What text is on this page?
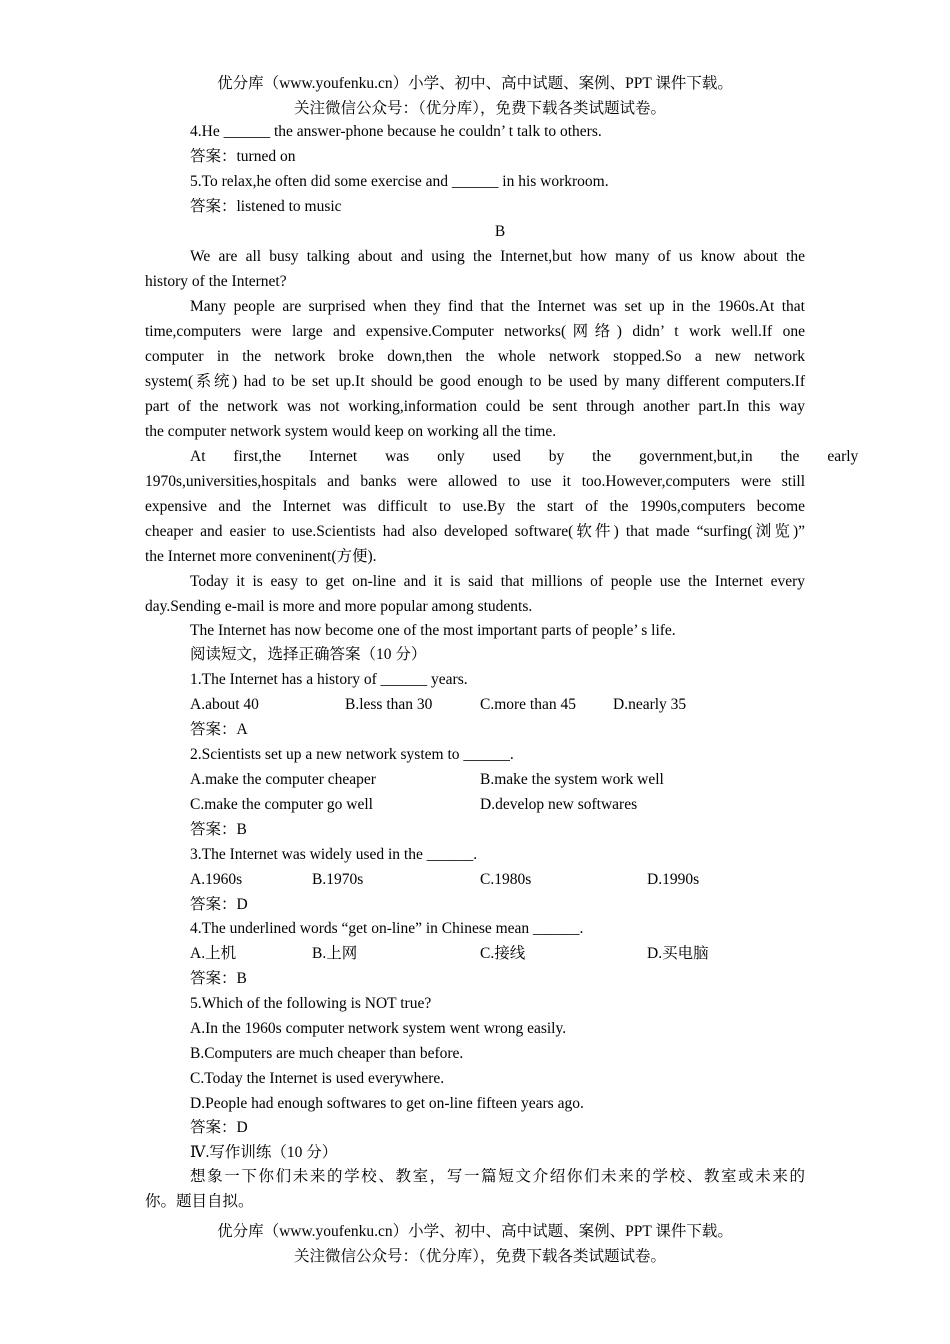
优分库（www.youfenku.cn）小学、初中、高中试题、案例、PPT 课件下载。
关注微信公众号：（优分库），免费下载各类试题试卷。
4.He ______ the answer-phone because he couldn’ t talk to others.
答案：turned on
5.To relax,he often did some exercise and ______ in his workroom.
答案：listened to music
B
We are all busy talking about and using the Internet,but how many of us know about the
history of the Internet?
Many people are surprised when they find that the Internet was set up in the 1960s.At that
time,computers were large and expensive.Computer networks(网络) didn’ t work well.If one
computer in the network broke down,then the whole network stopped.So a new network
system(系统) had to be set up.It should be good enough to be used by many different computers.If
part of the network was not working,information could be sent through another part.In this way
the computer network system would keep on working all the time.
At first,the Internet was only used by the government,but,in the early
1970s,universities,hospitals and banks were allowed to use it too.However,computers were still
expensive and the Internet was difficult to use.By the start of the 1990s,computers become
cheaper and easier to use.Scientists had also developed software(软件) that made “surfing(浏览)”
the Internet more conveninent(方便).
Today it is easy to get on-line and it is said that millions of people use the Internet every
day.Sending e-mail is more and more popular among students.
The Internet has now become one of the most important parts of people’ s life.
阅读短文，选择正确答案（10 分）
1.The Internet has a history of ______ years.
A.about 40	B.less than 30	C.more than 45 D.nearly 35
答案：A
2.Scientists set up a new network system to ______.
A.make the computer cheaper	B.make the system work well
C.make the computer go well	D.develop new softwares
答案：B
3.The Internet was widely used in the ______.
A.1960s	B.1970s	C.1980s	D.1990s
答案：D
4.The underlined words “get on-line” in Chinese mean ______.
A.上机	B.上网	C.接线	D.买电脑
答案：B
5.Which of the following is NOT true?
A.In the 1960s computer network system went wrong easily.
B.Computers are much cheaper than before.
C.Today the Internet is used everywhere.
D.People had enough softwares to get on-line fifteen years ago.
答案：D
Ⅳ.写作训练（10 分）
想象一下你们未来的学校、教室，写一篇短文介绍你们未来的学校、教室或未来的
你。题目自拟。
优分库（www.youfenku.cn）小学、初中、高中试题、案例、PPT 课件下载。
关注微信公众号：（优分库），免费下载各类试题试卷。
